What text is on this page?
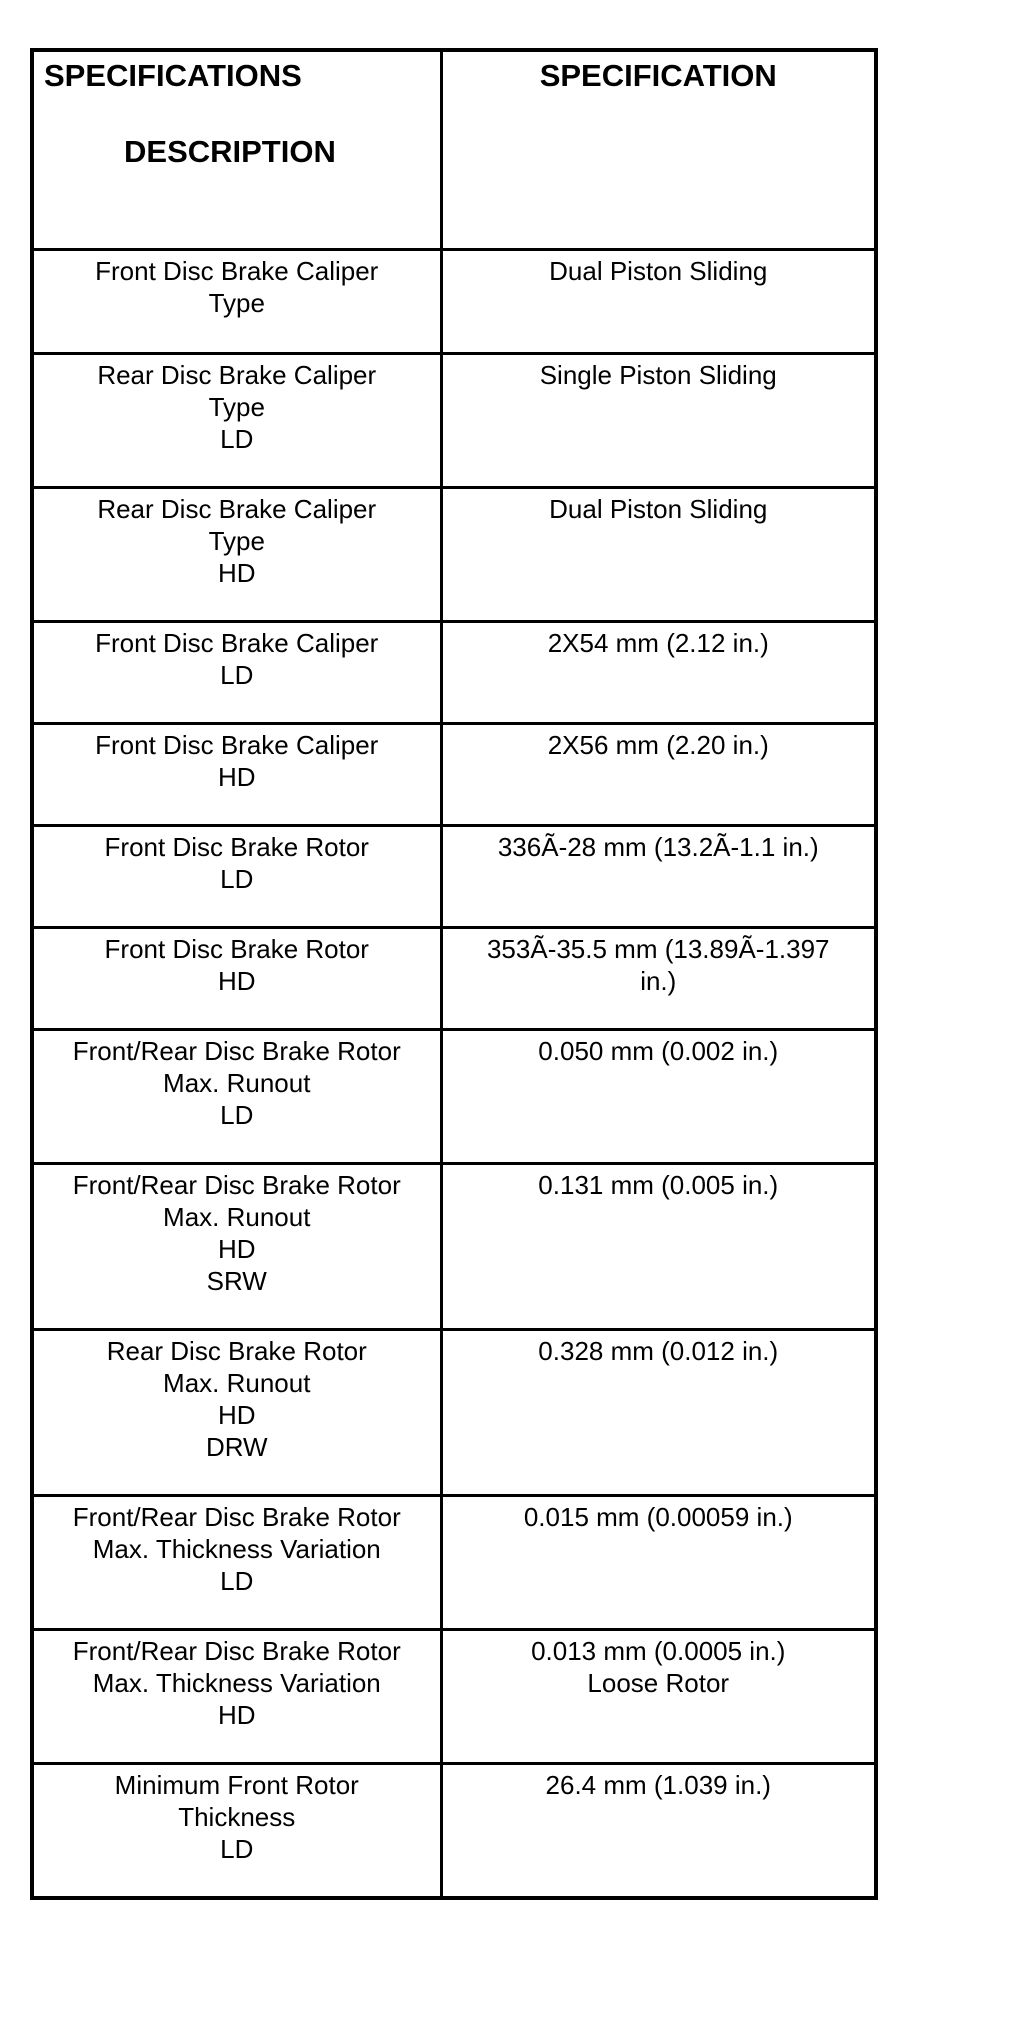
SPECIFICATIONS
DESCRIPTION	SPECIFICATION
Front Disc Brake Caliper
Type	Dual Piston Sliding
Rear Disc Brake Caliper
Type
LD	Single Piston Sliding
Rear Disc Brake Caliper
Type
HD	Dual Piston Sliding
Front Disc Brake Caliper
LD	2X54 mm (2.12 in.)
Front Disc Brake Caliper
HD	2X56 mm (2.20 in.)
Front Disc Brake Rotor
LD	336Ã-28 mm (13.2Ã-1.1 in.)
Front Disc Brake Rotor
HD	353Ã-35.5 mm (13.89Ã-1.397
in.)
Front/Rear Disc Brake Rotor
Max. Runout
LD	0.050 mm (0.002 in.)
Front/Rear Disc Brake Rotor
Max. Runout
HD
SRW	0.131 mm (0.005 in.)
Rear Disc Brake Rotor
Max. Runout
HD
DRW	0.328 mm (0.012 in.)
Front/Rear Disc Brake Rotor
Max. Thickness Variation
LD	0.015 mm (0.00059 in.)
Front/Rear Disc Brake Rotor
Max. Thickness Variation
HD	0.013 mm (0.0005 in.)
Loose Rotor
Minimum Front Rotor
Thickness
LD	26.4 mm (1.039 in.)
